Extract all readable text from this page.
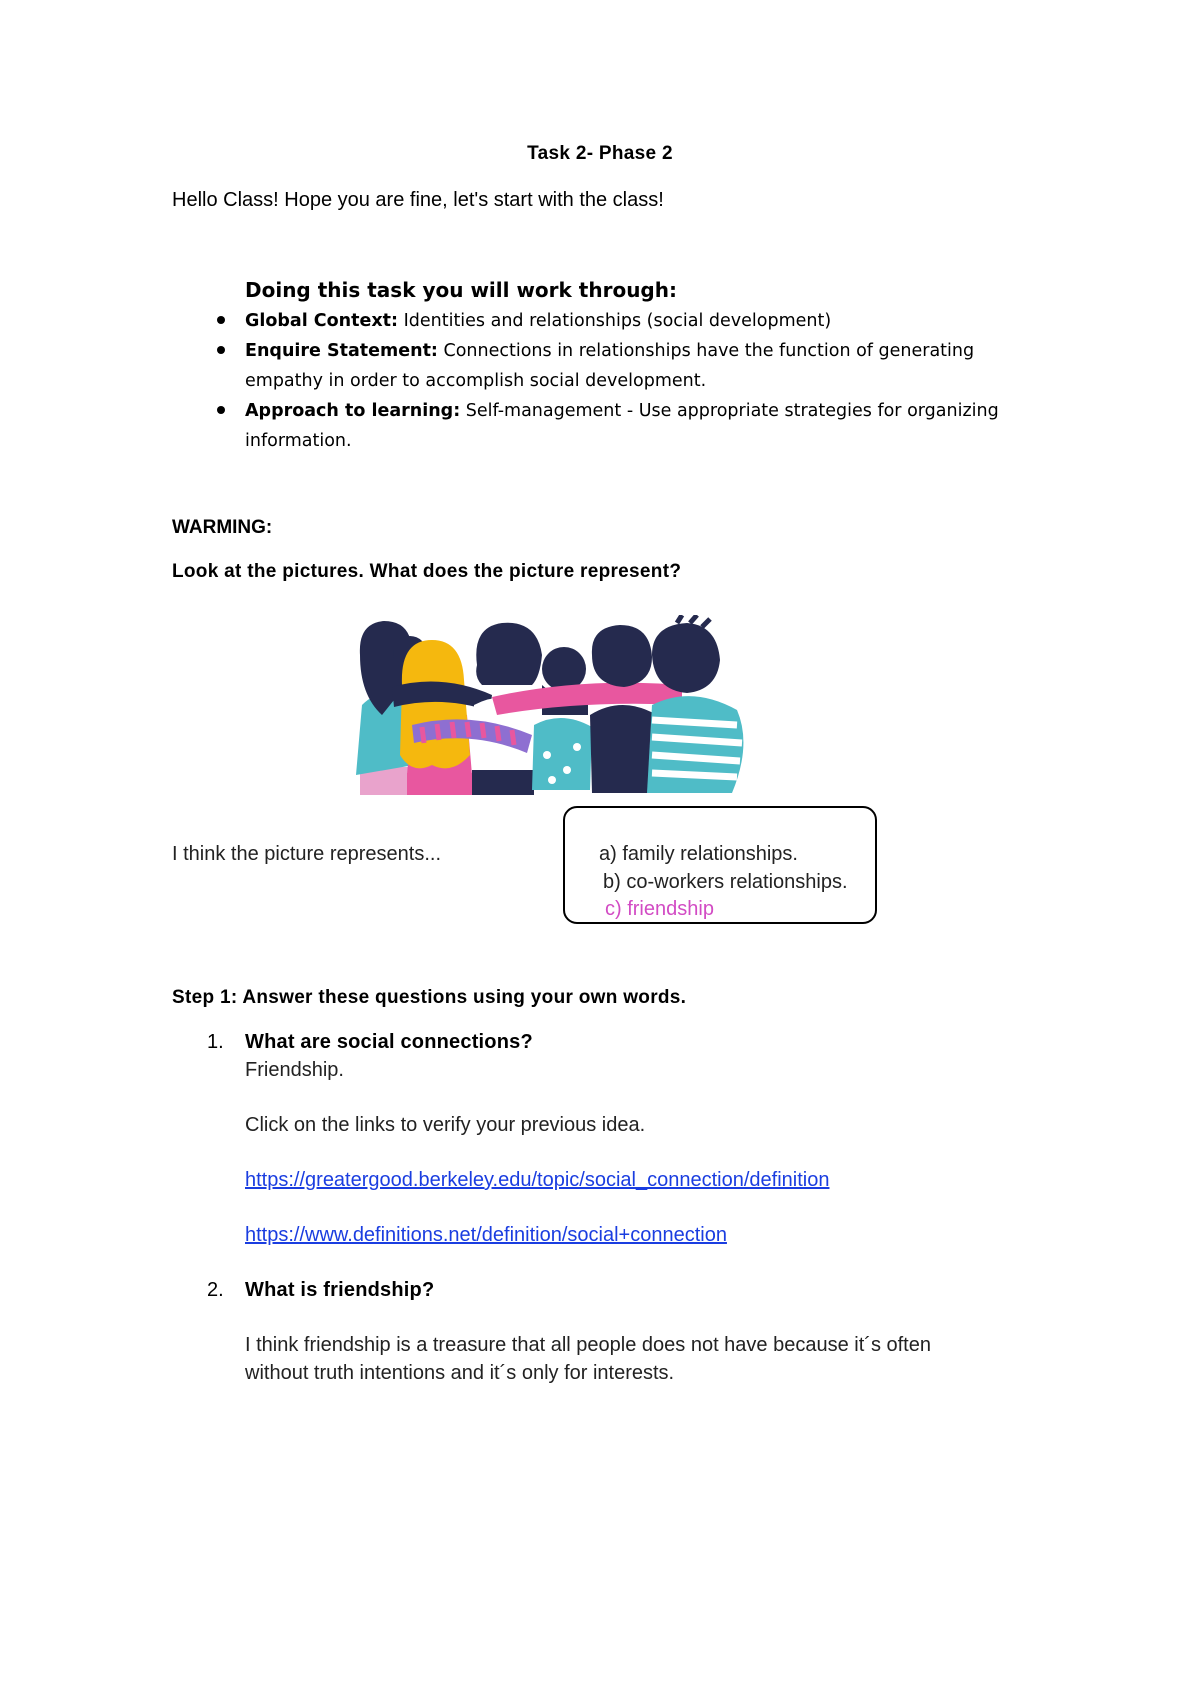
Task 2- Phase 2
Hello Class! Hope you are fine, let's start with the class!
Doing this task you will work through:
Global Context: Identities and relationships (social development)
Enquire Statement: Connections in relationships have the function of generating
empathy in order to accomplish social development.
Approach to learning: Self-management - Use appropriate strategies for organizing
information.
WARMING:
Look at the pictures. What does the picture represent?
I think the picture represents...	a) family relationships.
b) co-workers relationships.
c) friendship
Step 1: Answer these questions using your own words.
1. What are social connections?
Friendship.
Click on the links to verify your previous idea.
https://greatergood.berkeley.edu/topic/social_connection/definition
https://www.definitions.net/definition/social+connection
2. What is friendship?
I think friendship is a treasure that all people does not have because it´s often
without truth intentions and it´s only for interests.
